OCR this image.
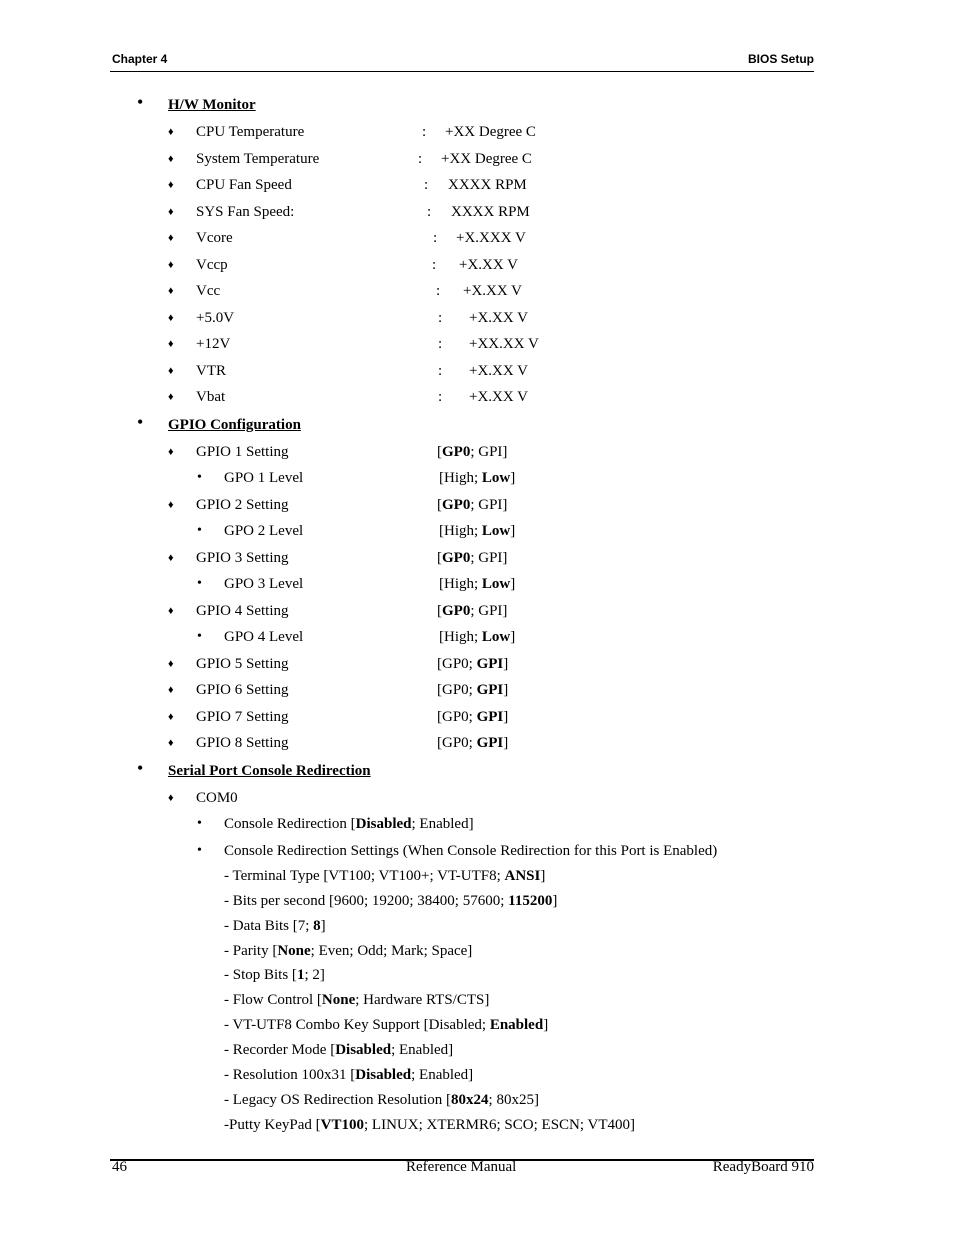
Chapter 4	BIOS Setup
• H/W Monitor
♦ CPU Temperature	: +XX Degree C
♦ System Temperature	: +XX Degree C
♦ CPU Fan Speed	: XXXX RPM
♦ SYS Fan Speed:	: XXXX RPM
♦ Vcore	: +X.XXX V
♦ Vccp	: +X.XX V
♦ Vcc	: +X.XX V
♦ +5.0V	: +X.XX V
♦ +12V	: +XX.XX V
♦ VTR	: +X.XX V
♦ Vbat	: +X.XX V
• GPIO Configuration
♦ GPIO 1 Setting	[GP0; GPI]
• GPO 1 Level	[High; Low]
♦ GPIO 2 Setting	[GP0; GPI]
• GPO 2 Level	[High; Low]
♦ GPIO 3 Setting	[GP0; GPI]
• GPO 3 Level	[High; Low]
♦ GPIO 4 Setting	[GP0; GPI]
• GPO 4 Level	[High; Low]
♦ GPIO 5 Setting	[GP0; GPI]
♦ GPIO 6 Setting	[GP0; GPI]
♦ GPIO 7 Setting	[GP0; GPI]
♦ GPIO 8 Setting	[GP0; GPI]
• Serial Port Console Redirection
♦ COM0
• Console Redirection [Disabled; Enabled]
• Console Redirection Settings (When Console Redirection for this Port is Enabled)
- Terminal Type [VT100; VT100+; VT-UTF8; ANSI]
- Bits per second [9600; 19200; 38400; 57600; 115200]
- Data Bits [7; 8]
- Parity [None; Even; Odd; Mark; Space]
- Stop Bits [1; 2]
- Flow Control [None; Hardware RTS/CTS]
- VT-UTF8 Combo Key Support [Disabled; Enabled]
- Recorder Mode [Disabled; Enabled]
- Resolution 100x31 [Disabled; Enabled]
- Legacy OS Redirection Resolution [80x24; 80x25]
-Putty KeyPad [VT100; LINUX; XTERMR6; SCO; ESCN; VT400]
46	Reference Manual	ReadyBoard 910
